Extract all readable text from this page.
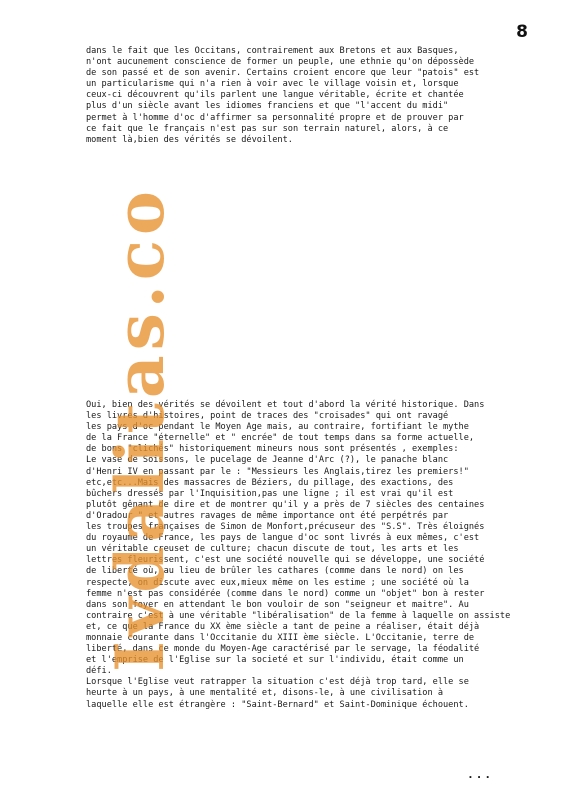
8
Ivdalitas.co
dans le fait que les Occitans, contrairement aux Bretons et aux Basques,
n'ont aucunement conscience de former un peuple, une ethnie qu'on dépossède
de son passé et de son avenir. Certains croient encore que leur "patois" est
un particularisme qui n'a rien à voir avec le village voisin et, lorsque
ceux-ci découvrent qu'ils parlent une langue véritable, écrite et chantée
plus d'un siècle avant les idiomes franciens et que "l'accent du midi"
permet à l'homme d'oc d'affirmer sa personnalité propre et de prouver par
ce fait que le français n'est pas sur son terrain naturel, alors, à ce
moment là,bien des vérités se dévoilent.
Oui, bien des vérités se dévoilent et tout d'abord la vérité historique. Dans
les livres d'histoires, point de traces des "croisades" qui ont ravagé
les pays d'oc pendant le Moyen Age mais, au contraire, fortifiant le mythe
de la France "éternelle" et " encrée" de tout temps dans sa forme actuelle,
de bons "clichés" historiquement mineurs nous sont présentés , exemples:
Le vase de Soissons, le pucelage de Jeanne d'Arc (?), le panache blanc
d'Henri IV en passant par le : "Messieurs les Anglais,tirez les premiers!"
etc,etc...Mais des massacres de Béziers, du pillage, des exactions, des
bûchers dressés par l'Inquisition,pas une ligne ; il est vrai qu'il est
plutôt gênant de dire et de montrer qu'il y a près de 7 siècles des centaines
d'Oradour " et autres ravages de même importance ont été perpétrés par
les troupes françaises de Simon de Monfort,précuseur des "S.S". Très éloignés
du royaume de France, les pays de langue d'oc sont livrés à eux mêmes, c'est
un véritable creuset de culture; chacun discute de tout, les arts et les
lettres fleurissent, c'est une société nouvelle qui se développe, une société
de liberté où, au lieu de brûler les cathares (comme dans le nord) on les
respecte, on discute avec eux,mieux même on les estime ; une société où la
femme n'est pas considérée (comme dans le nord) comme un "objet" bon à rester
dans son foyer en attendant le bon vouloir de son "seigneur et maitre". Au
contraire c'est à une véritable "libéralisation" de la femme à laquelle on assiste
et, ce que la France du XX ème siècle a tant de peine a réaliser, était déjà
monnaie courante dans l'Occitanie du XIII ème siècle. L'Occitanie, terre de
liberté, dans ce monde du Moyen-Age caractérisé par le servage, la féodalité
et l'emprise de l'Eglise sur la societé et sur l'individu, était comme un
défi.
Lorsque l'Eglise veut ratrapper la situation c'est déjà trop tard, elle se
heurte à un pays, à une mentalité et, disons-le, à une civilisation à
laquelle elle est étrangère : "Saint-Bernard" et Saint-Dominique échouent.
...
